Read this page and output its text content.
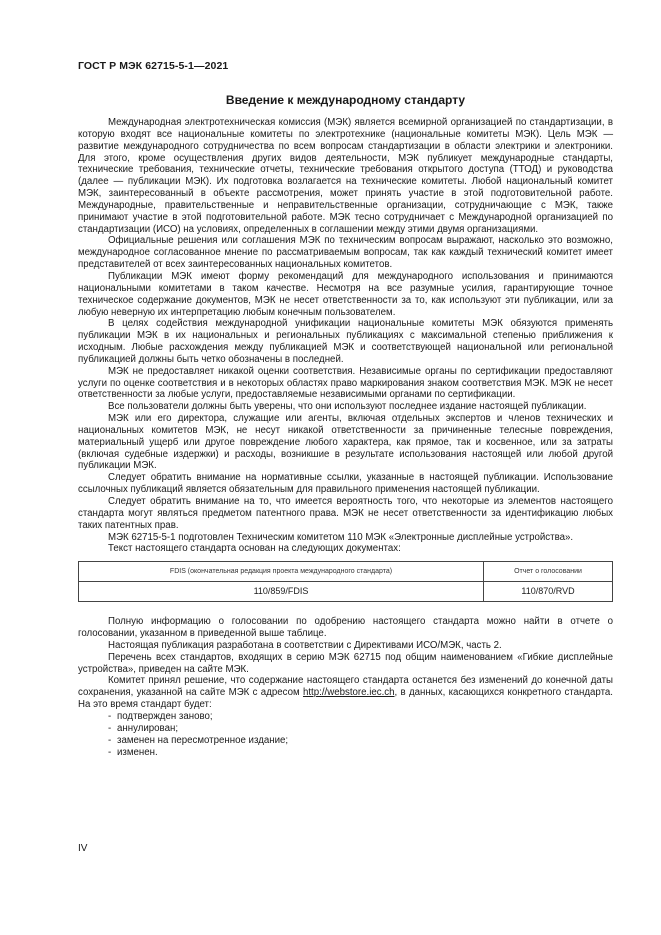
ГОСТ Р МЭК 62715-5-1—2021
Введение к международному стандарту

Международная электротехническая комиссия (МЭК) является всемирной организацией по стандартизации, в которую входят все национальные комитеты по электротехнике (национальные комитеты МЭК). Цель МЭК — развитие международного сотрудничества по всем вопросам стандартизации в области электрики и электроники. Для этого, кроме осуществления других видов деятельности, МЭК публикует международные стандарты, технические требования, технические отчеты, технические требования открытого доступа (ТТОД) и руководства (далее — публикации МЭК). Их подготовка возлагается на технические комитеты. Любой национальный комитет МЭК, заинтересованный в объекте рассмотрения, может принять участие в этой подготовительной работе. Международные, правительственные и неправительственные организации, сотрудничающие с МЭК, также принимают участие в этой подготовительной работе. МЭК тесно сотрудничает с Международной организацией по стандартизации (ИСО) на условиях, определенных в соглашении между этими двумя организациями.

Официальные решения или соглашения МЭК по техническим вопросам выражают, насколько это возможно, международное согласованное мнение по рассматриваемым вопросам, так как каждый технический комитет имеет представителей от всех заинтересованных национальных комитетов.

Публикации МЭК имеют форму рекомендаций для международного использования и принимаются национальными комитетами в таком качестве. Несмотря на все разумные усилия, гарантирующие точное техническое содержание документов, МЭК не несет ответственности за то, как используют эти публикации, или за любую неверную их интерпретацию любым конечным пользователем.

В целях содействия международной унификации национальные комитеты МЭК обязуются применять публикации МЭК в их национальных и региональных публикациях с максимальной степенью приближения к исходным. Любые расхождения между публикацией МЭК и соответствующей национальной или региональной публикацией должны быть четко обозначены в последней.

МЭК не предоставляет никакой оценки соответствия. Независимые органы по сертификации предоставляют услуги по оценке соответствия и в некоторых областях право маркирования знаком соответствия МЭК. МЭК не несет ответственности за любые услуги, предоставляемые независимыми органами по сертификации.

Все пользователи должны быть уверены, что они используют последнее издание настоящей публикации.

МЭК или его директора, служащие или агенты, включая отдельных экспертов и членов технических и национальных комитетов МЭК, не несут никакой ответственности за причиненные телесные повреждения, материальный ущерб или другое повреждение любого характера, как прямое, так и косвенное, или за затраты (включая судебные издержки) и расходы, возникшие в результате использования настоящей или любой другой публикации МЭК.

Следует обратить внимание на нормативные ссылки, указанные в настоящей публикации. Использование ссылочных публикаций является обязательным для правильного применения настоящей публикации.

Следует обратить внимание на то, что имеется вероятность того, что некоторые из элементов настоящего стандарта могут являться предметом патентного права. МЭК не несет ответственности за идентификацию любых таких патентных прав.

МЭК 62715-5-1 подготовлен Техническим комитетом 110 МЭК «Электронные дисплейные устройства».

Текст настоящего стандарта основан на следующих документах:

FDIS (окончательная редакция проекта международного стандарта)	Отчет о голосовании
110/859/FDIS	110/870/RVD

Полную информацию о голосовании по одобрению настоящего стандарта можно найти в отчете о голосовании, указанном в приведенной выше таблице.

Настоящая публикация разработана в соответствии с Директивами ИСО/МЭК, часть 2.

Перечень всех стандартов, входящих в серию МЭК 62715 под общим наименованием «Гибкие дисплейные устройства», приведен на сайте МЭК.

Комитет принял решение, что содержание настоящего стандарта останется без изменений до конечной даты сохранения, указанной на сайте МЭК с адресом http://webstore.iec.ch, в данных, касающихся конкретного стандарта. На это время стандарт будет:

- подтвержден заново;
- аннулирован;
- заменен на пересмотренное издание;
- изменен.
IV
